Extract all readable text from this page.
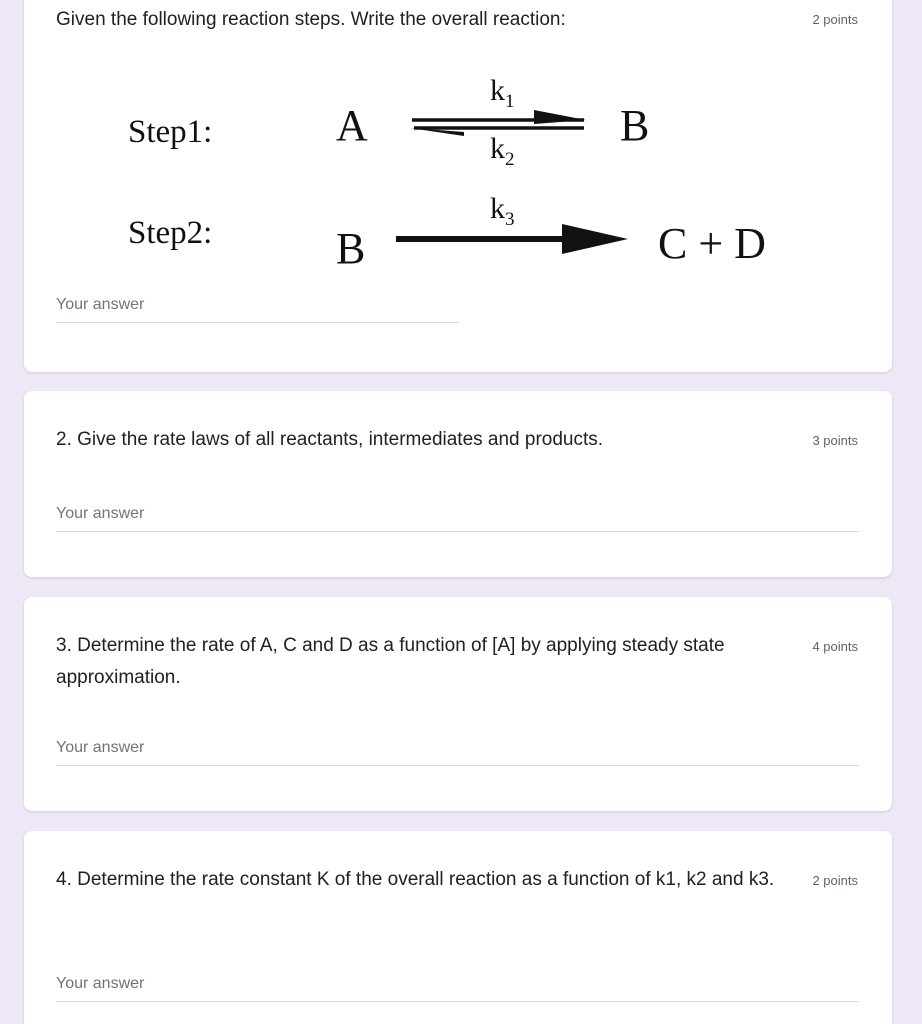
Given the following reaction steps. Write the overall reaction:	2 points
Step1:	A	B
$k_1$
$k_2$
Step2:	B	C + D
$k_3$
Your answer
2. Give the rate laws of all reactants, intermediates and products.	3 points
Your answer
3. Determine the rate of A, C and D as a function of [A] by applying steady state approximation.
4 points
Your answer
4. Determine the rate constant K of the overall reaction as a function of k1, k2 and k3.	2 points
Your answer
